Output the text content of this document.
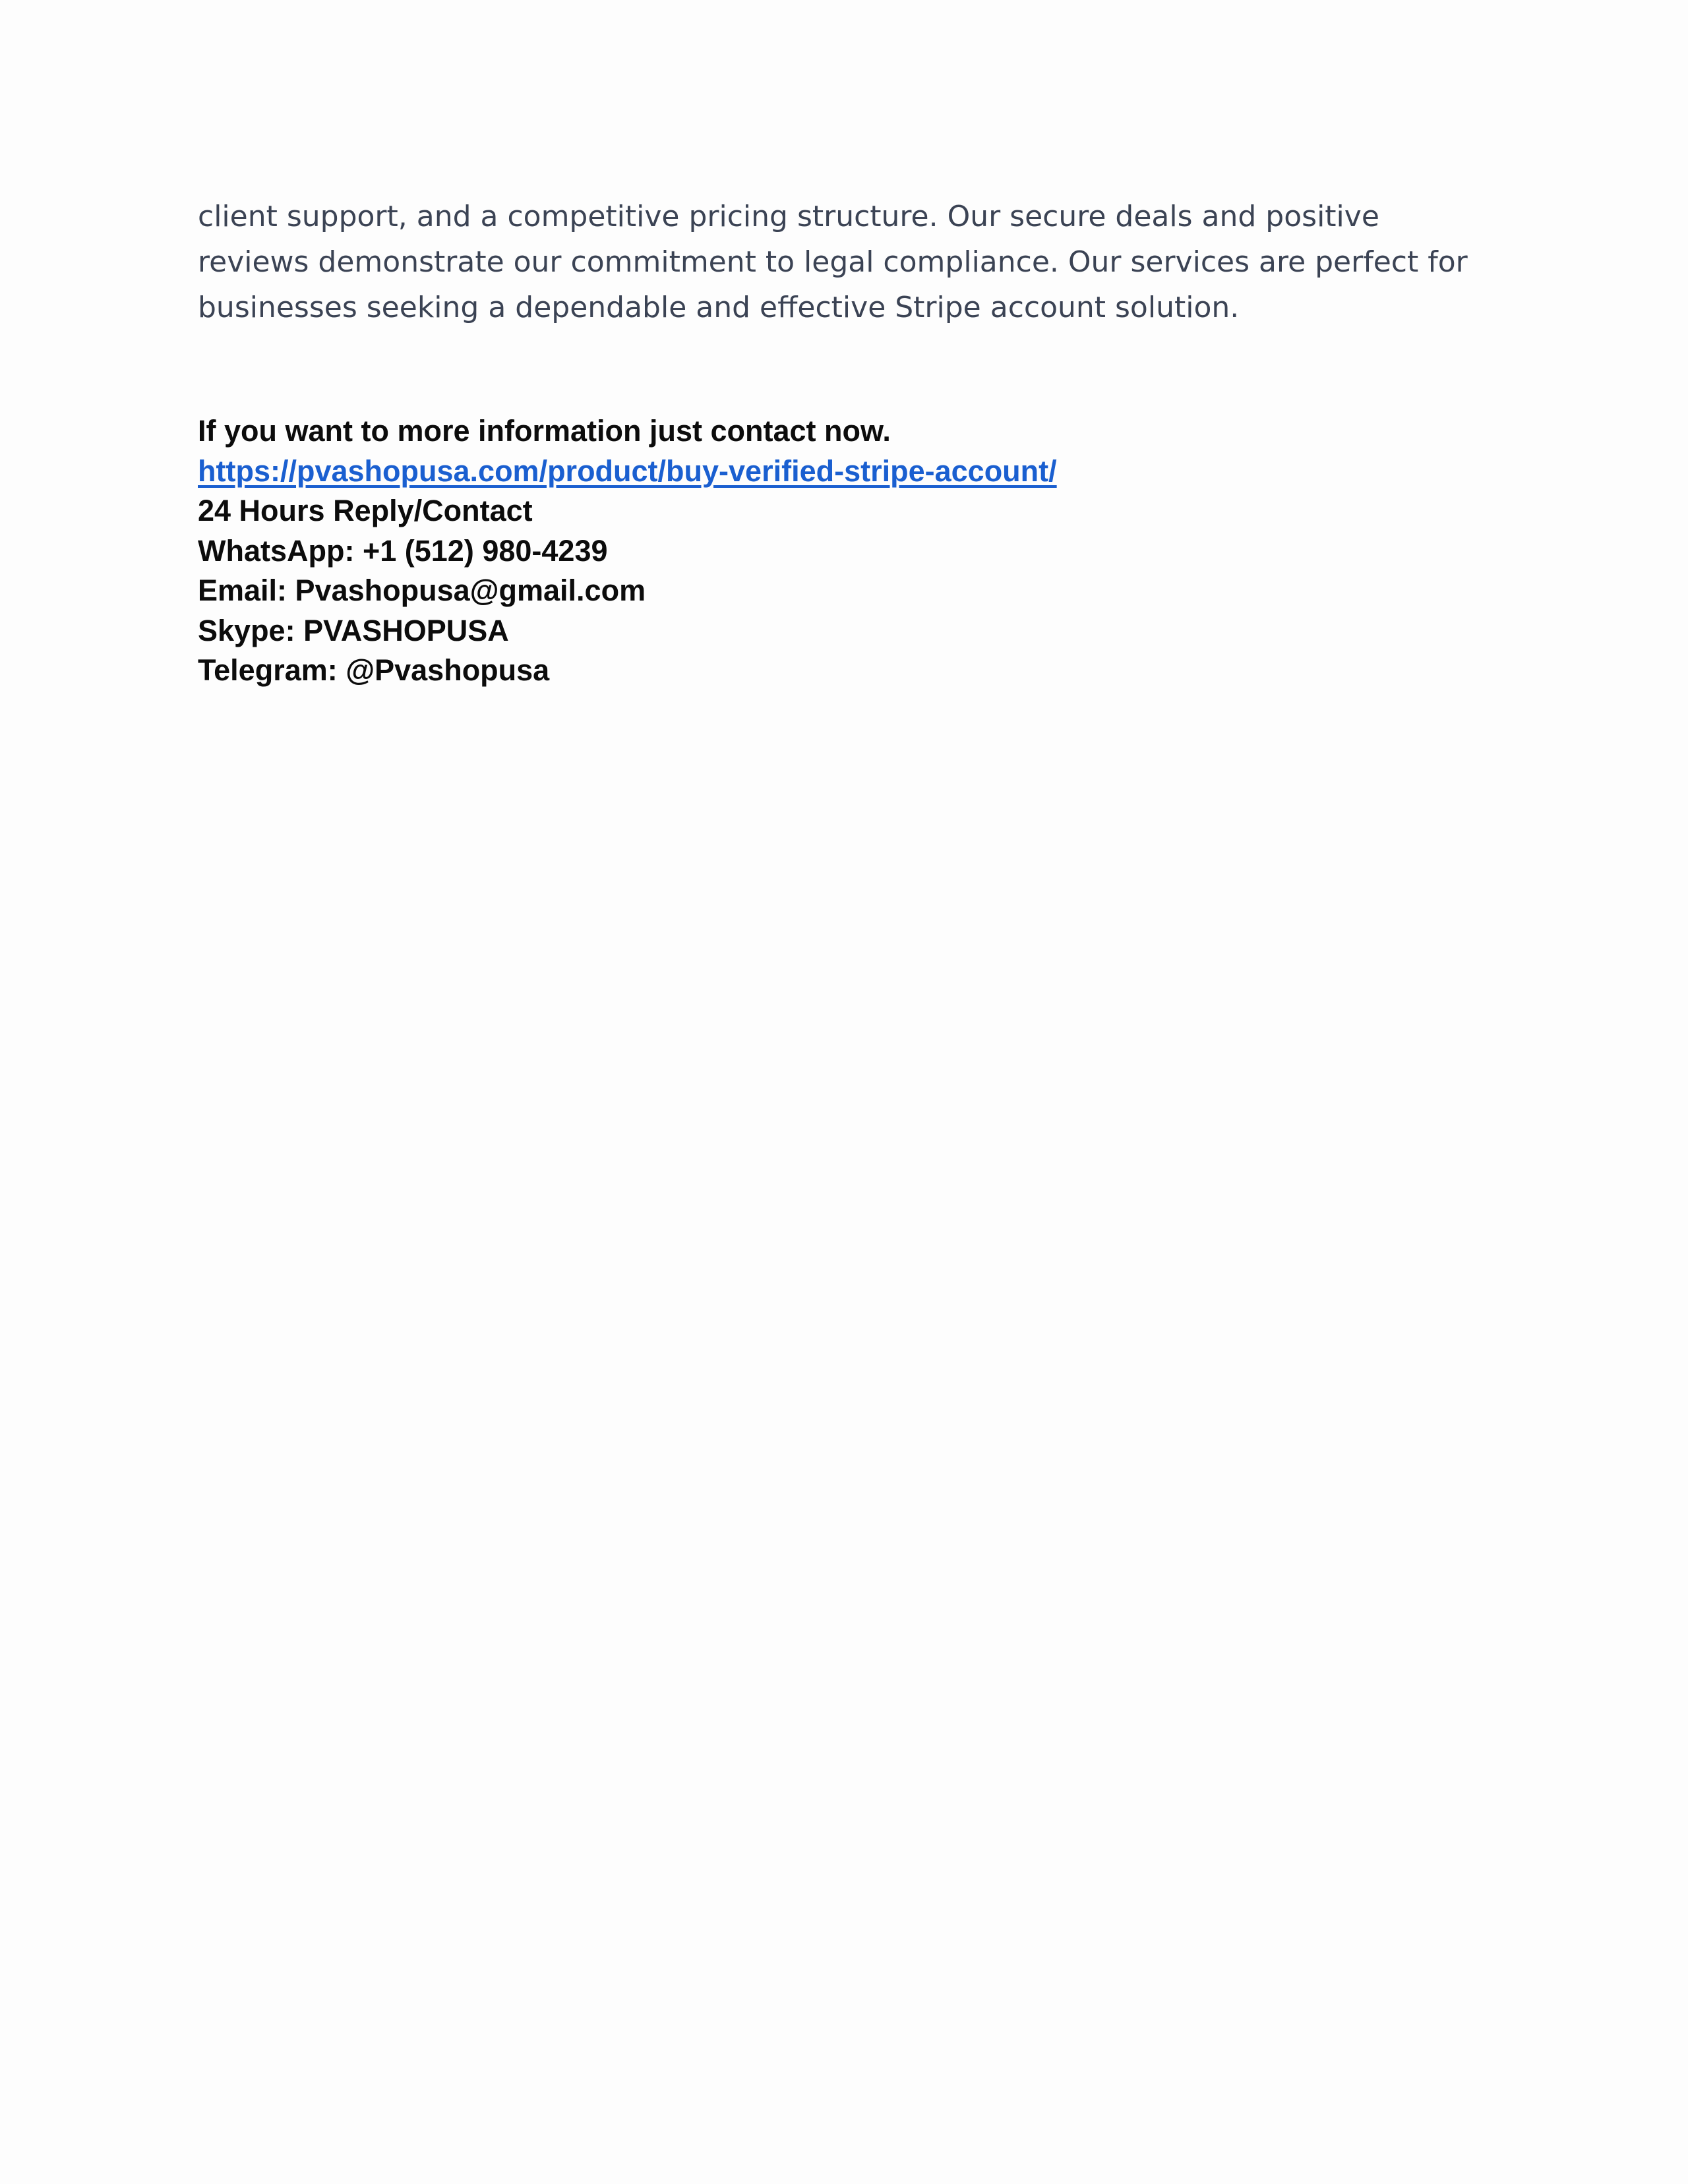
client support, and a competitive pricing structure. Our secure deals and positive
reviews demonstrate our commitment to legal compliance. Our services are perfect for
businesses seeking a dependable and effective Stripe account solution.

If you want to more information just contact now.
https://pvashopusa.com/product/buy-verified-stripe-account/
24 Hours Reply/Contact
WhatsApp: +1 (512) 980-4239
Email: Pvashopusa@gmail.com
Skype: PVASHOPUSA
Telegram: @Pvashopusa
